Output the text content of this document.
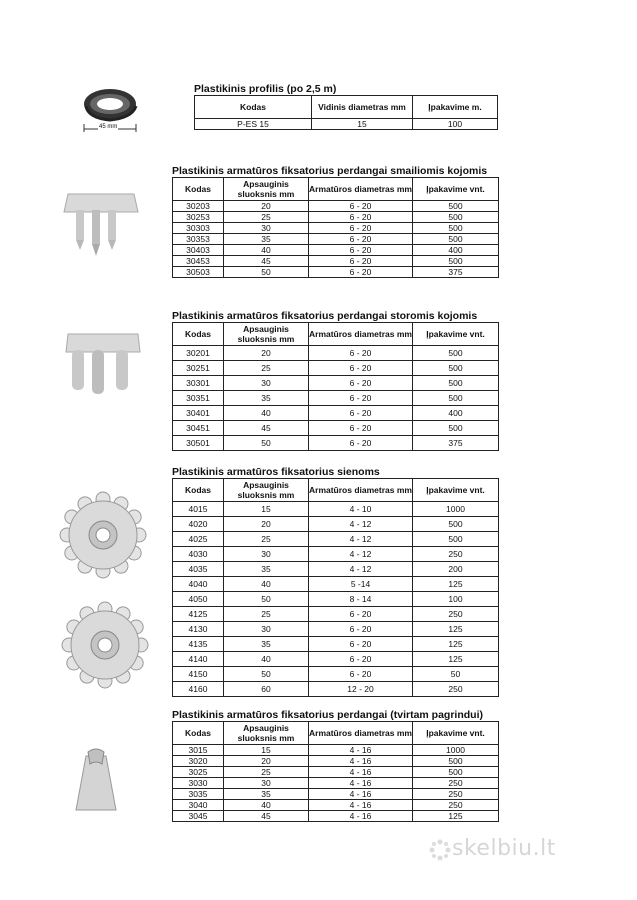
45 mm
Plastikinis profilis (po 2,5 m)
Kodas	Vidinis diametras mm	Įpakavime m.
P-ES 15	15	100
Plastikinis armatūros fiksatorius perdangai smailiomis kojomis
Kodas	Apsauginis sluoksnis mm	Armatūros diametras mm	Įpakavime vnt.
30203	20	6 - 20	500
30253	25	6 - 20	500
30303	30	6 - 20	500
30353	35	6 - 20	500
30403	40	6 - 20	400
30453	45	6 - 20	500
30503	50	6 - 20	375
Plastikinis armatūros fiksatorius perdangai storomis kojomis
Kodas	Apsauginis sluoksnis mm	Armatūros diametras mm	Įpakavime vnt.
30201	20	6 - 20	500
30251	25	6 - 20	500
30301	30	6 - 20	500
30351	35	6 - 20	500
30401	40	6 - 20	400
30451	45	6 - 20	500
30501	50	6 - 20	375
Plastikinis armatūros fiksatorius sienoms
Kodas	Apsauginis sluoksnis mm	Armatūros diametras mm	Įpakavime vnt.
4015	15	4 - 10	1000
4020	20	4 - 12	500
4025	25	4 - 12	500
4030	30	4 - 12	250
4035	35	4 - 12	200
4040	40	5 -14	125
4050	50	8 - 14	100
4125	25	6 - 20	250
4130	30	6 - 20	125
4135	35	6 - 20	125
4140	40	6 - 20	125
4150	50	6 - 20	50
4160	60	12 - 20	250
Plastikinis armatūros fiksatorius perdangai (tvirtam pagrindui)
Kodas	Apsauginis sluoksnis mm	Armatūros diametras mm	Įpakavime vnt.
3015	15	4 - 16	1000
3020	20	4 - 16	500
3025	25	4 - 16	500
3030	30	4 - 16	250
3035	35	4 - 16	250
3040	40	4 - 16	250
3045	45	4 - 16	125
skelbiu.lt
